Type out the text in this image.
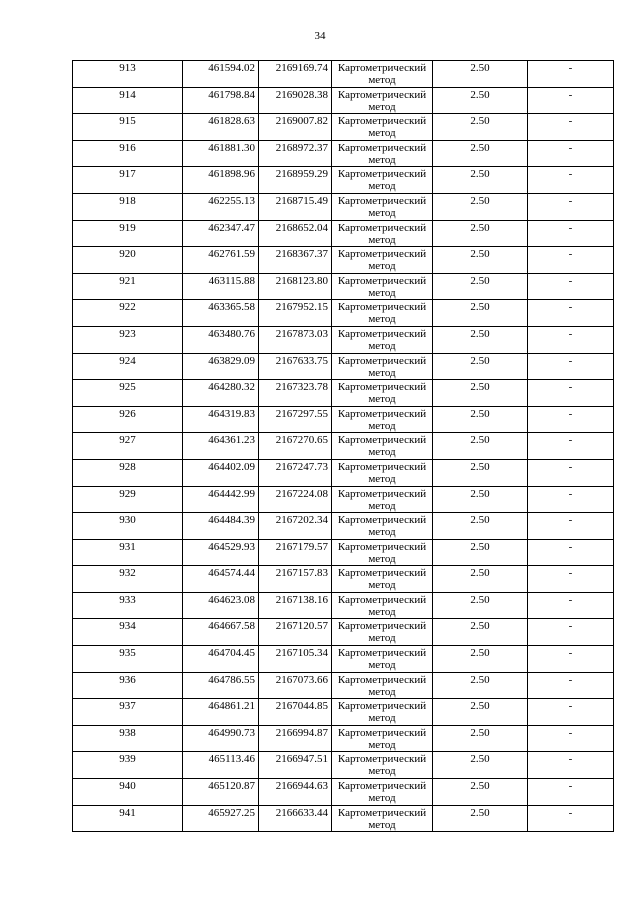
34
913	461594.02	2169169.74	Картометрический метод	2.50	-

914	461798.84	2169028.38	Картометрический метод	2.50	-

915	461828.63	2169007.82	Картометрический метод	2.50	-

916	461881.30	2168972.37	Картометрический метод	2.50	-

917	461898.96	2168959.29	Картометрический метод	2.50	-

918	462255.13	2168715.49	Картометрический метод	2.50	-

919	462347.47	2168652.04	Картометрический метод	2.50	-

920	462761.59	2168367.37	Картометрический метод	2.50	-

921	463115.88	2168123.80	Картометрический метод	2.50	-

922	463365.58	2167952.15	Картометрический метод	2.50	-

923	463480.76	2167873.03	Картометрический метод	2.50	-

924	463829.09	2167633.75	Картометрический метод	2.50	-

925	464280.32	2167323.78	Картометрический метод	2.50	-

926	464319.83	2167297.55	Картометрический метод	2.50	-

927	464361.23	2167270.65	Картометрический метод	2.50	-

928	464402.09	2167247.73	Картометрический метод	2.50	-

929	464442.99	2167224.08	Картометрический метод	2.50	-

930	464484.39	2167202.34	Картометрический метод	2.50	-

931	464529.93	2167179.57	Картометрический метод	2.50	-

932	464574.44	2167157.83	Картометрический метод	2.50	-

933	464623.08	2167138.16	Картометрический метод	2.50	-

934	464667.58	2167120.57	Картометрический метод	2.50	-

935	464704.45	2167105.34	Картометрический метод	2.50	-

936	464786.55	2167073.66	Картометрический метод	2.50	-

937	464861.21	2167044.85	Картометрический метод	2.50	-

938	464990.73	2166994.87	Картометрический метод	2.50	-

939	465113.46	2166947.51	Картометрический метод	2.50	-

940	465120.87	2166944.63	Картометрический метод	2.50	-

941	465927.25	2166633.44	Картометрический метод	2.50	-
